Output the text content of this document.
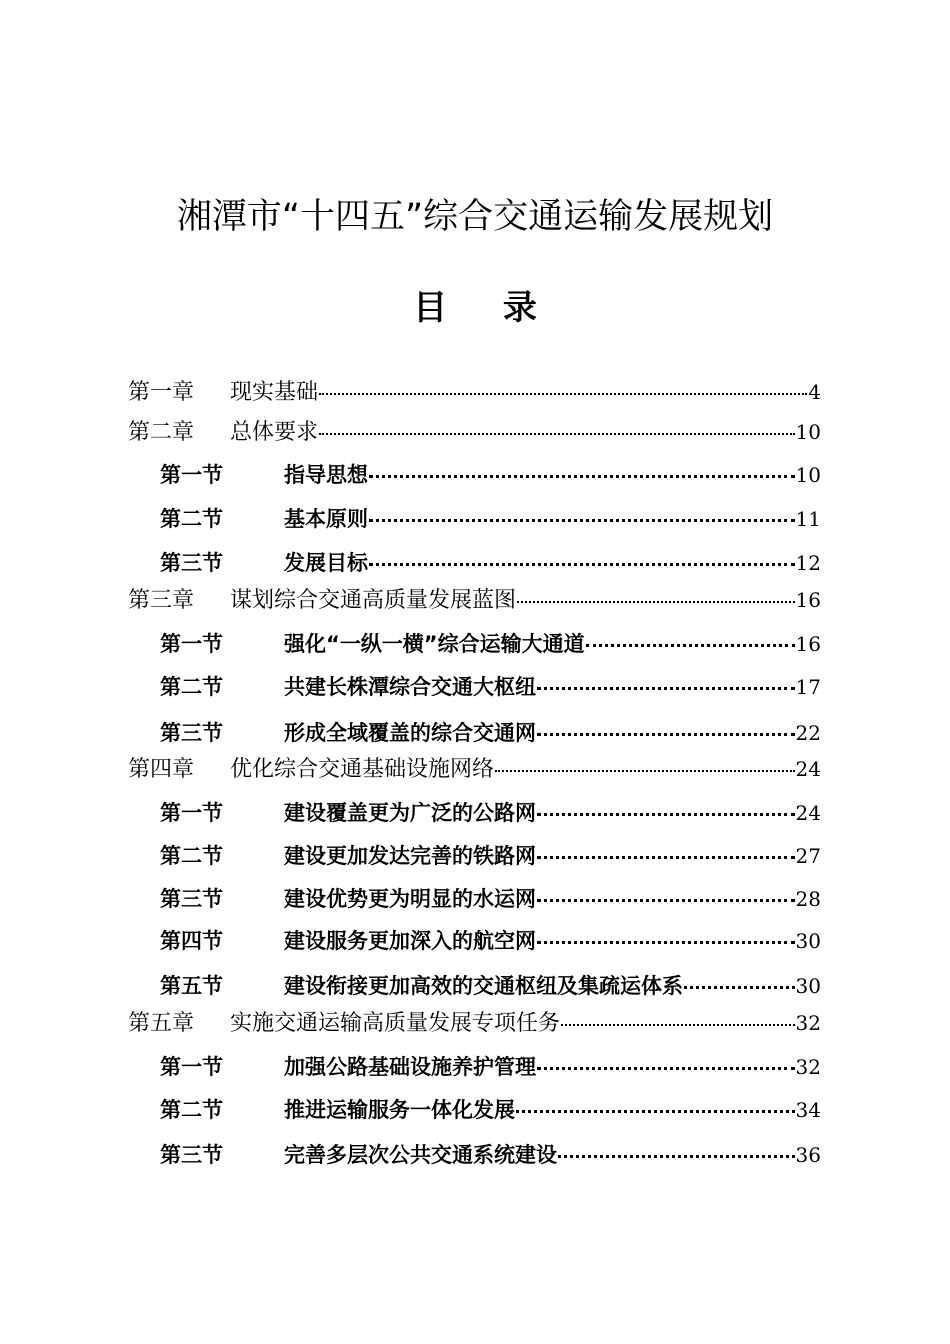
湘潭市“十四五”综合交通运输发展规划
目 录
第一章	现实基础	4
第二章	总体要求	10
第一节	指导思想	10
第二节	基本原则	11
第三节	发展目标	12
第三章	谋划综合交通高质量发展蓝图	16
第一节	强化“一纵一横”综合运输大通道	16
第二节	共建长株潭综合交通大枢纽	17
第三节	形成全域覆盖的综合交通网	22
第四章	优化综合交通基础设施网络	24
第一节	建设覆盖更为广泛的公路网	24
第二节	建设更加发达完善的铁路网	27
第三节	建设优势更为明显的水运网	28
第四节	建设服务更加深入的航空网	30
第五节	建设衔接更加高效的交通枢纽及集疏运体系	30
第五章	实施交通运输高质量发展专项任务	32
第一节	加强公路基础设施养护管理	32
第二节	推进运输服务一体化发展	34
第三节	完善多层次公共交通系统建设	36
